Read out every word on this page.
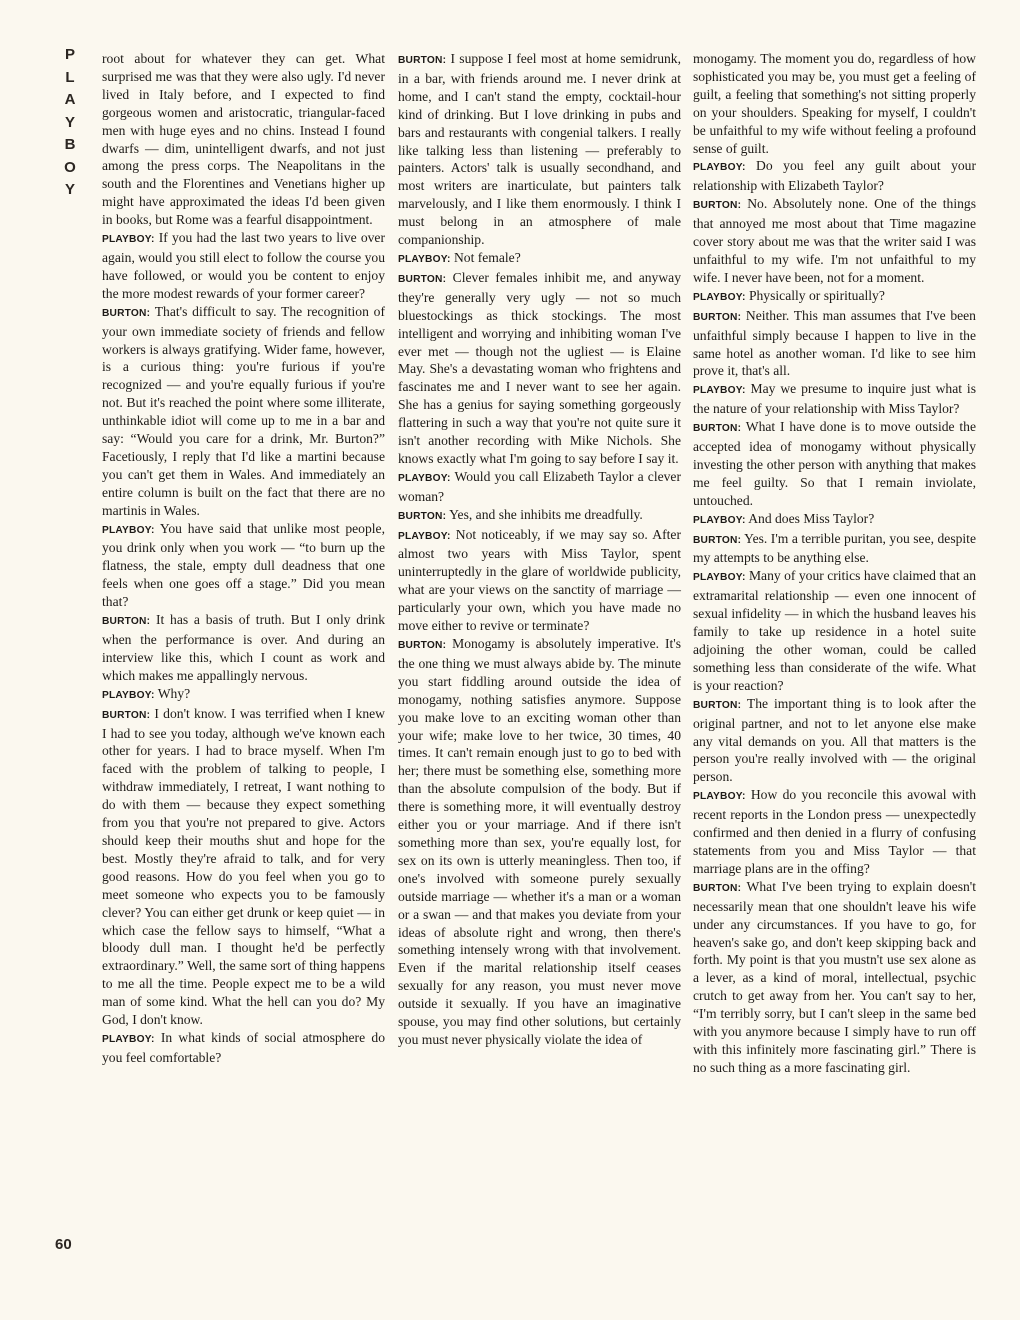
P
L
A
Y
B
O
Y

root about for whatever they can get. What surprised me was that they were also ugly. I'd never lived in Italy before, and I expected to find gorgeous women and aristocratic, triangular-faced men with huge eyes and no chins. Instead I found dwarfs — dim, unintelligent dwarfs, and not just among the press corps. The Neapolitans in the south and the Florentines and Venetians higher up might have approximated the ideas I'd been given in books, but Rome was a fearful disappointment.

PLAYBOY: If you had the last two years to live over again, would you still elect to follow the course you have followed, or would you be content to enjoy the more modest rewards of your former career?

BURTON: That's difficult to say. The recognition of your own immediate society of friends and fellow workers is always gratifying. Wider fame, however, is a curious thing: you're furious if you're recognized — and you're equally furious if you're not. But it's reached the point where some illiterate, unthinkable idiot will come up to me in a bar and say: “Would you care for a drink, Mr. Burton?” Facetiously, I reply that I'd like a martini because you can't get them in Wales. And immediately an entire column is built on the fact that there are no martinis in Wales.

PLAYBOY: You have said that unlike most people, you drink only when you work — “to burn up the flatness, the stale, empty dull deadness that one feels when one goes off a stage.” Did you mean that?

BURTON: It has a basis of truth. But I only drink when the performance is over. And during an interview like this, which I count as work and which makes me appallingly nervous.

PLAYBOY: Why?

BURTON: I don't know. I was terrified when I knew I had to see you today, although we've known each other for years. I had to brace myself. When I'm faced with the problem of talking to people, I withdraw immediately, I retreat, I want nothing to do with them — because they expect something from you that you're not prepared to give. Actors should keep their mouths shut and hope for the best. Mostly they're afraid to talk, and for very good reasons. How do you feel when you go to meet someone who expects you to be famously clever? You can either get drunk or keep quiet — in which case the fellow says to himself, “What a bloody dull man. I thought he'd be perfectly extraordinary.” Well, the same sort of thing happens to me all the time. People expect me to be a wild man of some kind. What the hell can you do? My God, I don't know.

PLAYBOY: In what kinds of social atmosphere do you feel comfortable?

BURTON: I suppose I feel most at home semidrunk, in a bar, with friends around me. I never drink at home, and I can't stand the empty, cocktail-hour kind of drinking. But I love drinking in pubs and bars and restaurants with congenial talkers. I really like talking less than listening — preferably to painters. Actors' talk is usually secondhand, and most writers are inarticulate, but painters talk marvelously, and I like them enormously. I think I must belong in an atmosphere of male companionship.

PLAYBOY: Not female?

BURTON: Clever females inhibit me, and anyway they're generally very ugly — not so much bluestockings as thick stockings. The most intelligent and worrying and inhibiting woman I've ever met — though not the ugliest — is Elaine May. She's a devastating woman who frightens and fascinates me and I never want to see her again. She has a genius for saying something gorgeously flattering in such a way that you're not quite sure it isn't another recording with Mike Nichols. She knows exactly what I'm going to say before I say it.

PLAYBOY: Would you call Elizabeth Taylor a clever woman?

BURTON: Yes, and she inhibits me dreadfully.

PLAYBOY: Not noticeably, if we may say so. After almost two years with Miss Taylor, spent uninterruptedly in the glare of worldwide publicity, what are your views on the sanctity of marriage — particularly your own, which you have made no move either to revive or terminate?

BURTON: Monogamy is absolutely imperative. It's the one thing we must always abide by. The minute you start fiddling around outside the idea of monogamy, nothing satisfies anymore. Suppose you make love to an exciting woman other than your wife; make love to her twice, 30 times, 40 times. It can't remain enough just to go to bed with her; there must be something else, something more than the absolute compulsion of the body. But if there is something more, it will eventually destroy either you or your marriage. And if there isn't something more than sex, you're equally lost, for sex on its own is utterly meaningless. Then too, if one's involved with someone purely sexually outside marriage — whether it's a man or a woman or a swan — and that makes you deviate from your ideas of absolute right and wrong, then there's something intensely wrong with that involvement. Even if the marital relationship itself ceases sexually for any reason, you must never move outside it sexually. If you have an imaginative spouse, you may find other solutions, but certainly you must never physically violate the idea of

monogamy. The moment you do, regardless of how sophisticated you may be, you must get a feeling of guilt, a feeling that something's not sitting properly on your shoulders. Speaking for myself, I couldn't be unfaithful to my wife without feeling a profound sense of guilt.

PLAYBOY: Do you feel any guilt about your relationship with Elizabeth Taylor?

BURTON: No. Absolutely none. One of the things that annoyed me most about that Time magazine cover story about me was that the writer said I was unfaithful to my wife. I'm not unfaithful to my wife. I never have been, not for a moment.

PLAYBOY: Physically or spiritually?

BURTON: Neither. This man assumes that I've been unfaithful simply because I happen to live in the same hotel as another woman. I'd like to see him prove it, that's all.

PLAYBOY: May we presume to inquire just what is the nature of your relationship with Miss Taylor?

BURTON: What I have done is to move outside the accepted idea of monogamy without physically investing the other person with anything that makes me feel guilty. So that I remain inviolate, untouched.

PLAYBOY: And does Miss Taylor?

BURTON: Yes. I'm a terrible puritan, you see, despite my attempts to be anything else.

PLAYBOY: Many of your critics have claimed that an extramarital relationship — even one innocent of sexual infidelity — in which the husband leaves his family to take up residence in a hotel suite adjoining the other woman, could be called something less than considerate of the wife. What is your reaction?

BURTON: The important thing is to look after the original partner, and not to let anyone else make any vital demands on you. All that matters is the person you're really involved with — the original person.

PLAYBOY: How do you reconcile this avowal with recent reports in the London press — unexpectedly confirmed and then denied in a flurry of confusing statements from you and Miss Taylor — that marriage plans are in the offing?

BURTON: What I've been trying to explain doesn't necessarily mean that one shouldn't leave his wife under any circumstances. If you have to go, for heaven's sake go, and don't keep skipping back and forth. My point is that you mustn't use sex alone as a lever, as a kind of moral, intellectual, psychic crutch to get away from her. You can't say to her, “I'm terribly sorry, but I can't sleep in the same bed with you anymore because I simply have to run off with this infinitely more fascinating girl.” There is no such thing as a more fascinating girl.

60
